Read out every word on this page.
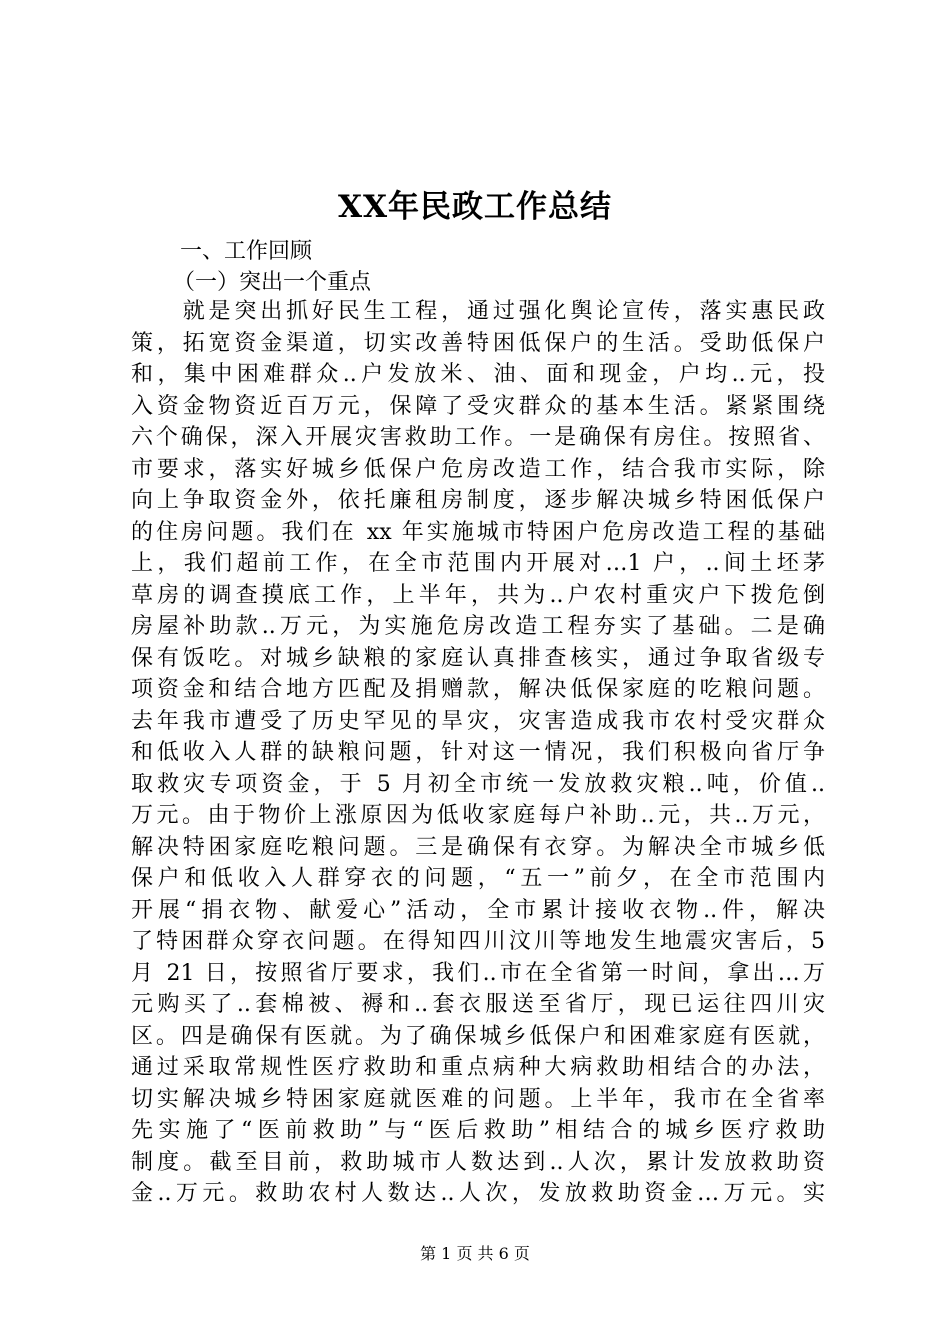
XX年民政工作总结

一、工作回顾

（一）突出一个重点

　　就是突出抓好民生工程，通过强化舆论宣传，落实惠民政
策，拓宽资金渠道，切实改善特困低保户的生活。受助低保户
和，集中困难群众..户发放米、油、面和现金，户均..元，投
入资金物资近百万元，保障了受灾群众的基本生活。紧紧围绕
六个确保，深入开展灾害救助工作。一是确保有房住。按照省、
市要求，落实好城乡低保户危房改造工作，结合我市实际，除
向上争取资金外，依托廉租房制度，逐步解决城乡特困低保户
的住房问题。我们在 xx 年实施城市特困户危房改造工程的基础
上，我们超前工作，在全市范围内开展对…1 户，..间土坯茅
草房的调查摸底工作，上半年，共为..户农村重灾户下拨危倒
房屋补助款..万元，为实施危房改造工程夯实了基础。二是确
保有饭吃。对城乡缺粮的家庭认真排查核实，通过争取省级专
项资金和结合地方匹配及捐赠款，解决低保家庭的吃粮问题。
去年我市遭受了历史罕见的旱灾，灾害造成我市农村受灾群众
和低收入人群的缺粮问题，针对这一情况，我们积极向省厅争
取救灾专项资金，于 5 月初全市统一发放救灾粮..吨，价值..
万元。由于物价上涨原因为低收家庭每户补助..元，共..万元，
解决特困家庭吃粮问题。三是确保有衣穿。为解决全市城乡低
保户和低收入人群穿衣的问题，“五一”前夕，在全市范围内
开展“捐衣物、献爱心”活动，全市累计接收衣物..件，解决
了特困群众穿衣问题。在得知四川汶川等地发生地震灾害后，5
月 21 日，按照省厅要求，我们..市在全省第一时间，拿出…万
元购买了..套棉被、褥和..套衣服送至省厅，现已运往四川灾
区。四是确保有医就。为了确保城乡低保户和困难家庭有医就，
通过采取常规性医疗救助和重点病种大病救助相结合的办法，
切实解决城乡特困家庭就医难的问题。上半年，我市在全省率
先实施了“医前救助”与“医后救助”相结合的城乡医疗救助
制度。截至目前，救助城市人数达到..人次，累计发放救助资
金..万元。救助农村人数达..人次，发放救助资金…万元。实

第 1 页 共 6 页
